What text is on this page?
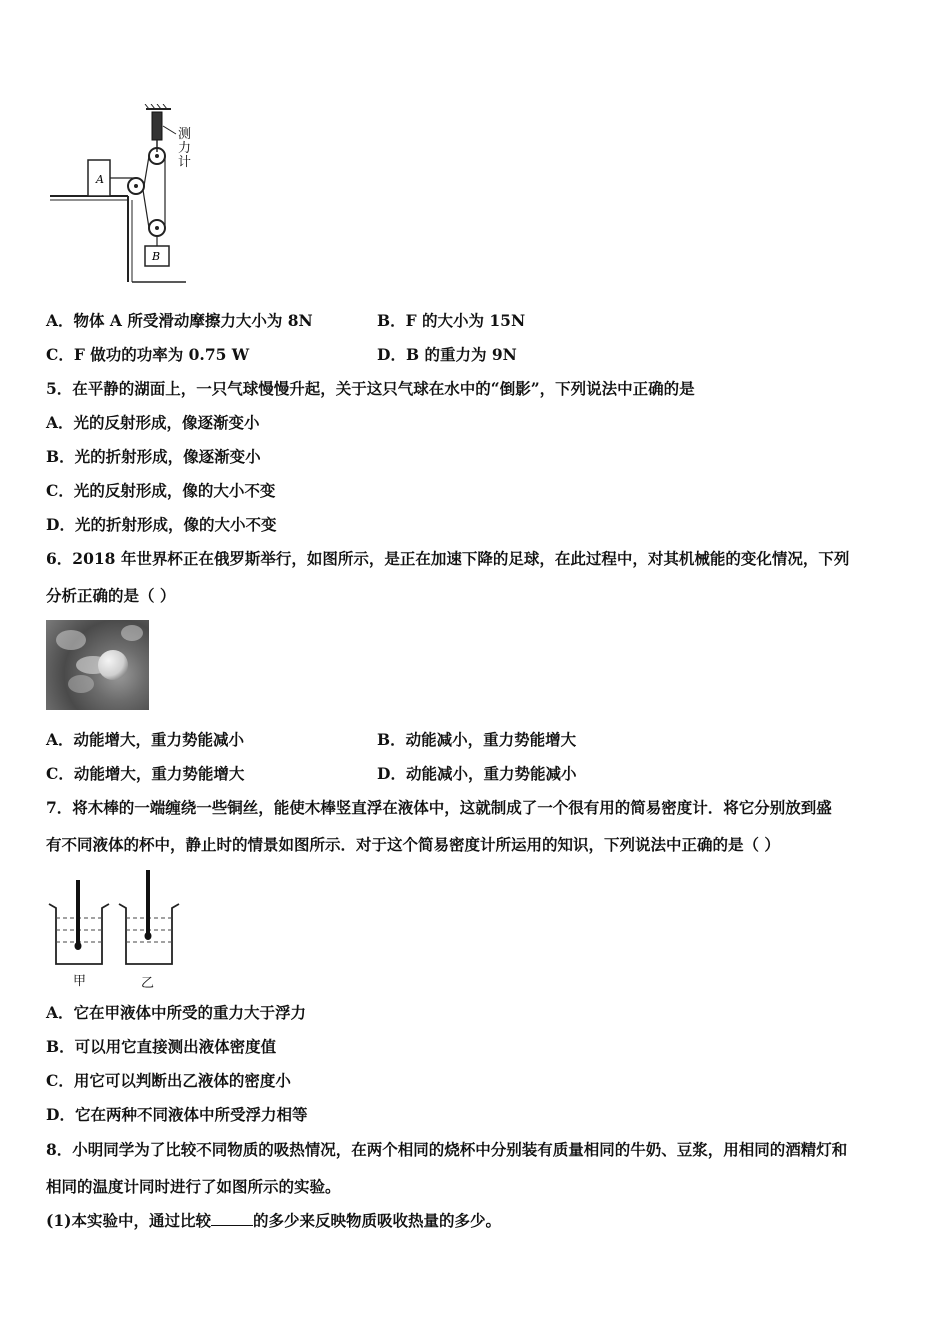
A
B
测力计
A．物体 A 所受滑动摩擦力大小为 8N	B．F 的大小为 15N
C．F 做功的功率为 0.75 W	D．B 的重力为 9N
5．在平静的湖面上，一只气球慢慢升起，关于这只气球在水中的“倒影”，下列说法中正确的是
A．光的反射形成，像逐渐变小
B．光的折射形成，像逐渐变小
C．光的反射形成，像的大小不变
D．光的折射形成，像的大小不变
6．2018 年世界杯正在俄罗斯举行，如图所示，是正在加速下降的足球，在此过程中，对其机械能的变化情况，下列
分析正确的是（ ）
A．动能增大，重力势能减小	B．动能减小，重力势能增大
C．动能增大，重力势能增大	D．动能减小，重力势能减小
7．将木棒的一端缠绕一些铜丝，能使木棒竖直浮在液体中，这就制成了一个很有用的简易密度计．将它分别放到盛
有不同液体的杯中，静止时的情景如图所示．对于这个简易密度计所运用的知识，下列说法中正确的是（ ）
甲	乙
A．它在甲液体中所受的重力大于浮力
B．可以用它直接测出液体密度值
C．用它可以判断出乙液体的密度小
D．它在两种不同液体中所受浮力相等
8．小明同学为了比较不同物质的吸热情况，在两个相同的烧杯中分别装有质量相同的牛奶、豆浆，用相同的酒精灯和
相同的温度计同时进行了如图所示的实验。
(1)本实验中，通过比较	的多少来反映物质吸收热量的多少。
